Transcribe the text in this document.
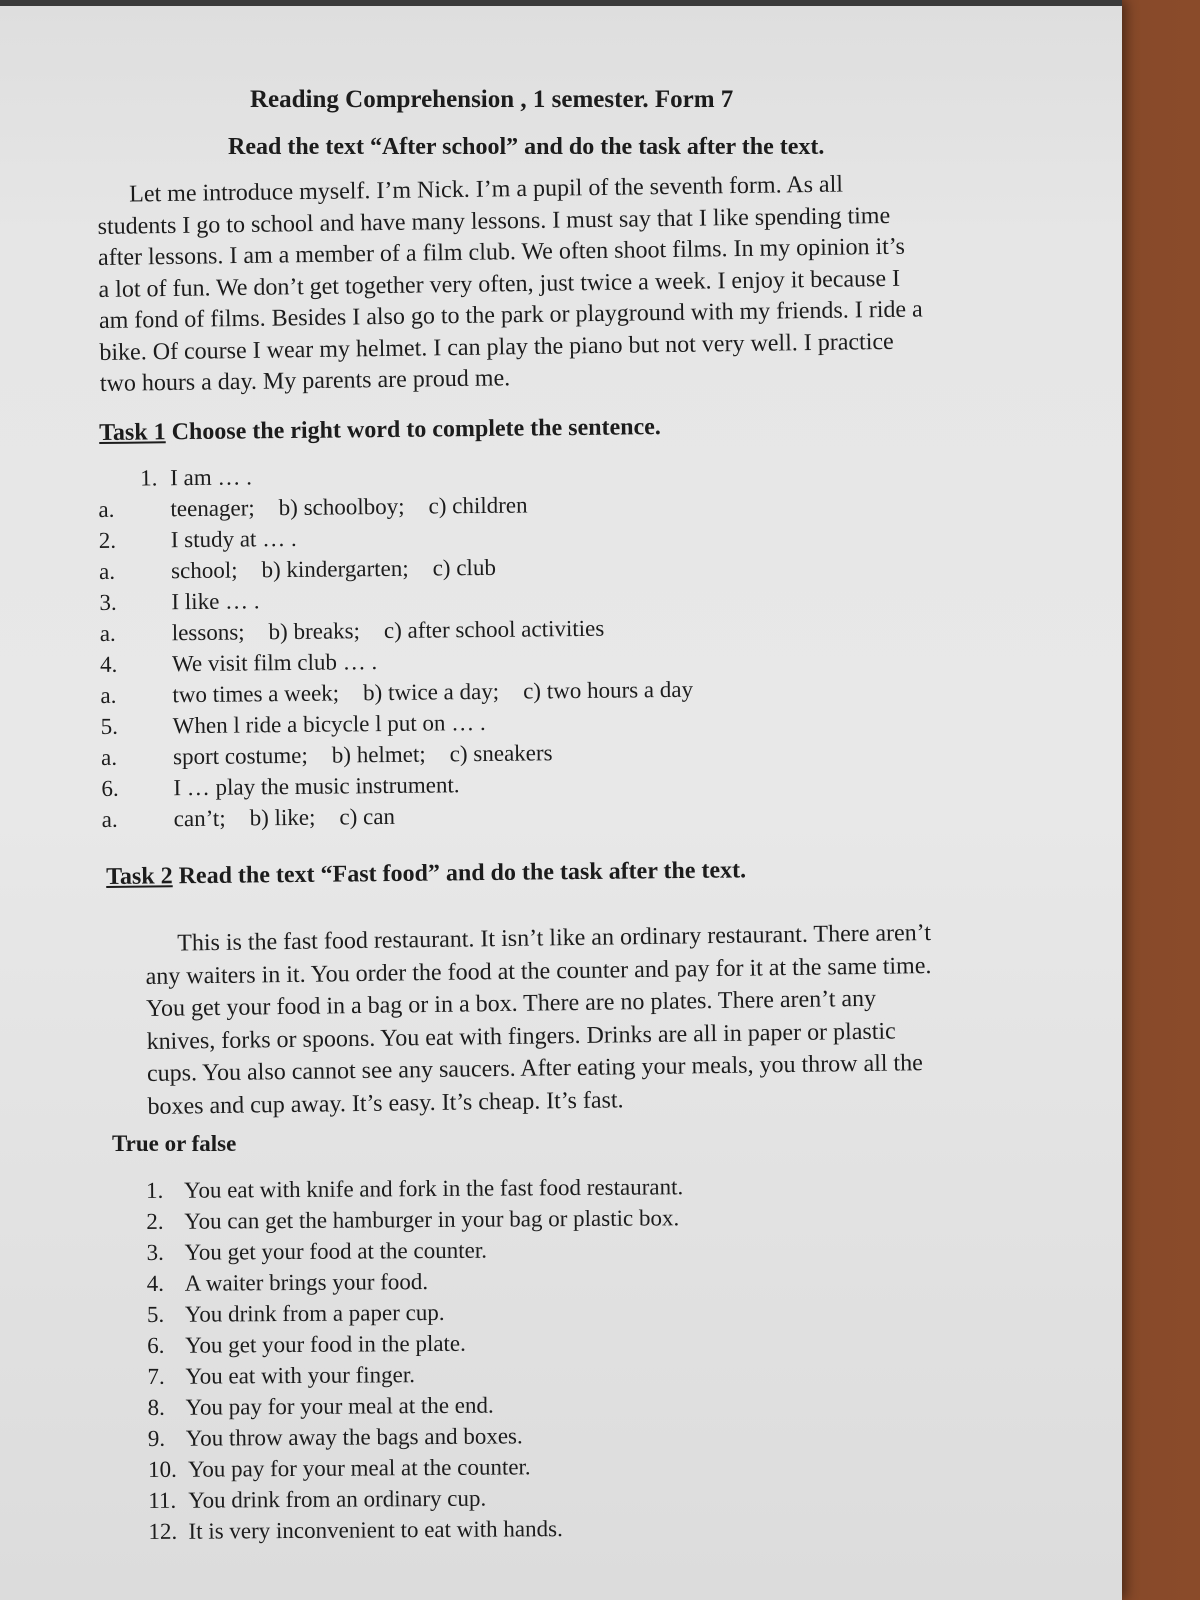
Reading Comprehension , 1 semester. Form 7
Read the text “After school” and do the task after the text.
Let me introduce myself. I’m Nick. I’m a pupil of the seventh form. As all
students I go to school and have many lessons. I must say that I like spending time
after lessons. I am a member of a film club. We often shoot films. In my opinion it’s
a lot of fun. We don’t get together very often, just twice a week. I enjoy it because I
am fond of films. Besides I also go to the park or playground with my friends. I ride a
bike. Of course I wear my helmet. I can play the piano but not very well. I practice
two hours a day. My parents are proud me.
Task 1 Choose the right word to complete the sentence.
1. I am … .
a.	teenager; b) schoolboy; c) children
2.	I study at … .
a.	school; b) kindergarten; c) club
3.	I like … .
a.	lessons; b) breaks; c) after school activities
4.	We visit film club … .
a.	two times a week; b) twice a day; c) two hours a day
5.	When l ride a bicycle l put on … .
a.	sport costume; b) helmet; c) sneakers
6.	I … play the music instrument.
a.	can’t; b) like; c) can
Task 2 Read the text “Fast food” and do the task after the text.
This is the fast food restaurant. It isn’t like an ordinary restaurant. There aren’t
any waiters in it. You order the food at the counter and pay for it at the same time.
You get your food in a bag or in a box. There are no plates. There aren’t any
knives, forks or spoons. You eat with fingers. Drinks are all in paper or plastic
cups. You also cannot see any saucers. After eating your meals, you throw all the
boxes and cup away. It’s easy. It’s cheap. It’s fast.
True or false
1. You eat with knife and fork in the fast food restaurant.
2. You can get the hamburger in your bag or plastic box.
3. You get your food at the counter.
4. A waiter brings your food.
5. You drink from a paper cup.
6. You get your food in the plate.
7. You eat with your finger.
8. You pay for your meal at the end.
9. You throw away the bags and boxes.
10. You pay for your meal at the counter.
11. You drink from an ordinary cup.
12. It is very inconvenient to eat with hands.
